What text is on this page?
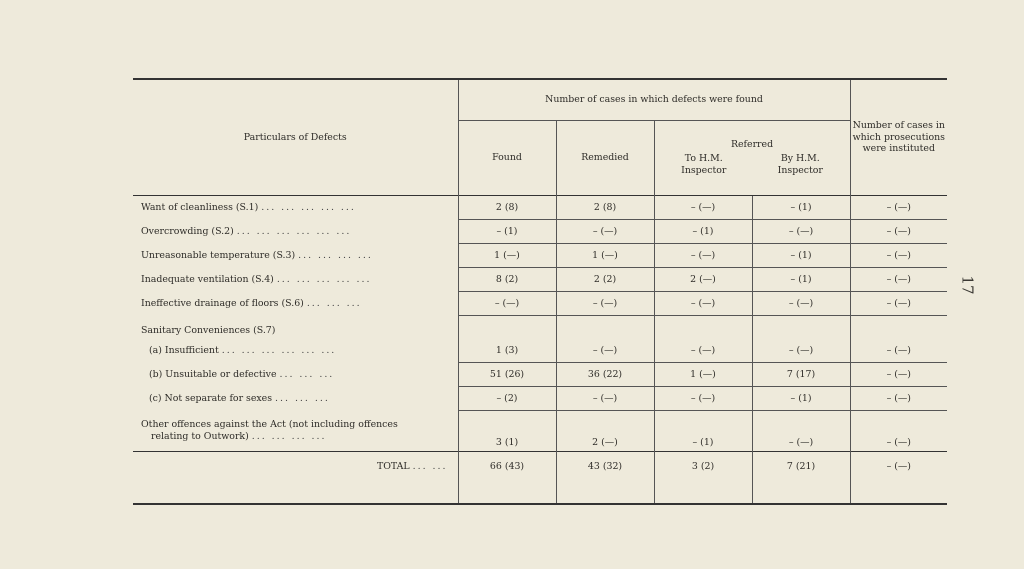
17
Particulars of Defects	Number of cases in which defects were found				Number of cases in which prosecutions were instituted
	Found	Remedied	Referred
To H.M. Inspector
By H.M. Inspector		

Want of cleanliness (S.1) ... ... ... ... ...	2 (8)	2 (8)	– (—)	– (1)	– (—)
Overcrowding (S.2) ... ... ... ... ... ...	– (1)	– (—)	– (1)	– (—)	– (—)
Unreasonable temperature (S.3) ... ... ... ...	1 (—)	1 (—)	– (—)	– (1)	– (—)
Inadequate ventilation (S.4) ... ... ... ... ...	8 (2)	2 (2)	2 (—)	– (1)	– (—)
Ineffective drainage of floors (S.6) ... ... ...	– (—)	– (—)	– (—)	– (—)	– (—)
Sanitary Conveniences (S.7)					
(a) Insufficient ... ... ... ... ... ...	1 (3)	– (—)	– (—)	– (—)	– (—)
(b) Unsuitable or defective ... ... ...	51 (26)	36 (22)	1 (—)	7 (17)	– (—)
(c) Not separate for sexes ... ... ...	– (2)	– (—)	– (—)	– (1)	– (—)
Other offences against the Act (not including offences
relating to Outwork) ... ... ... ...	3 (1)	2 (—)	– (1)	– (—)	– (—)
TOTAL ... ...	66 (43)	43 (32)	3 (2)	7 (21)	– (—)
